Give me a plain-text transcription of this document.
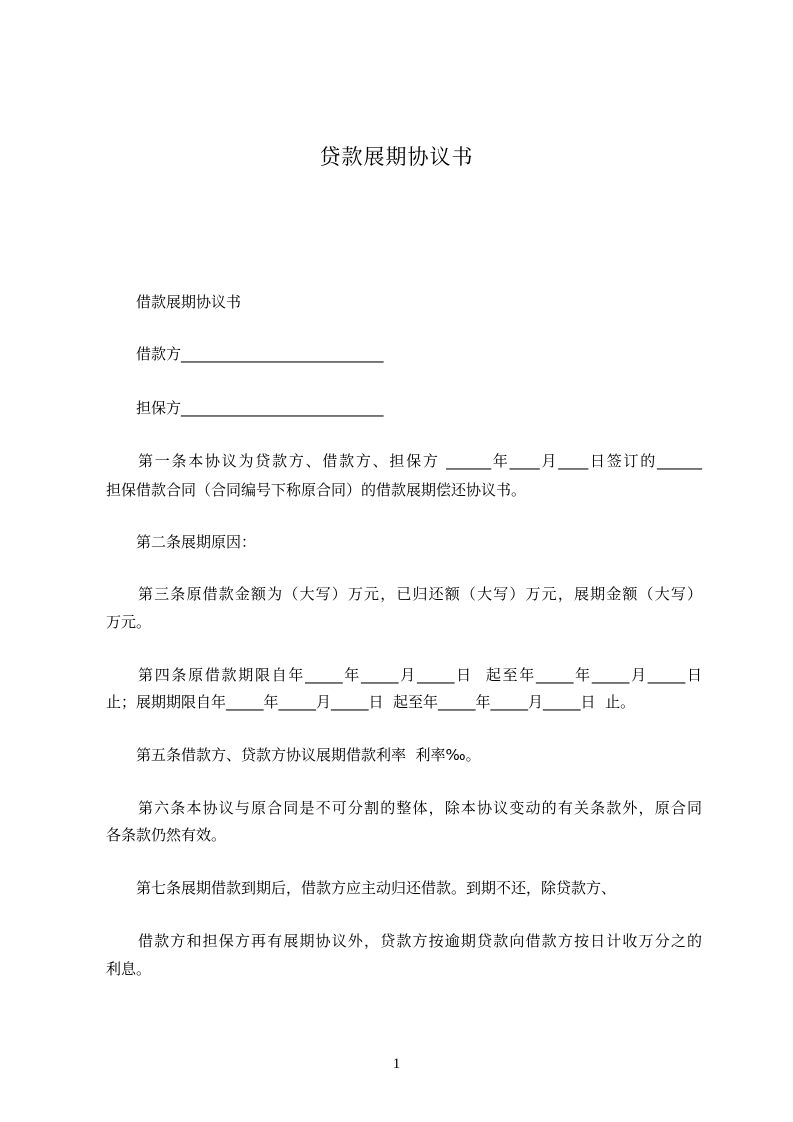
贷款展期协议书
借款展期协议书
借款方___________________________
担保方___________________________
第一条本协议为贷款方、借款方、担保方 ______年____月____日签订的______
担保借款合同（合同编号下称原合同）的借款展期偿还协议书。
第二条展期原因：
第三条原借款金额为（大写）万元，已归还额（大写）万元，展期金额（大写）
万元。
第四条原借款期限自年_____年_____月_____日  起至年_____年_____月_____日
止；展期期限自年_____年_____月_____日  起至年_____年_____月_____日  止。
第五条借款方、贷款方协议展期借款利率  利率‰。
第六条本协议与原合同是不可分割的整体，除本协议变动的有关条款外，原合同
各条款仍然有效。
第七条展期借款到期后，借款方应主动归还借款。到期不还，除贷款方、
借款方和担保方再有展期协议外，贷款方按逾期贷款向借款方按日计收万分之的
利息。
1
